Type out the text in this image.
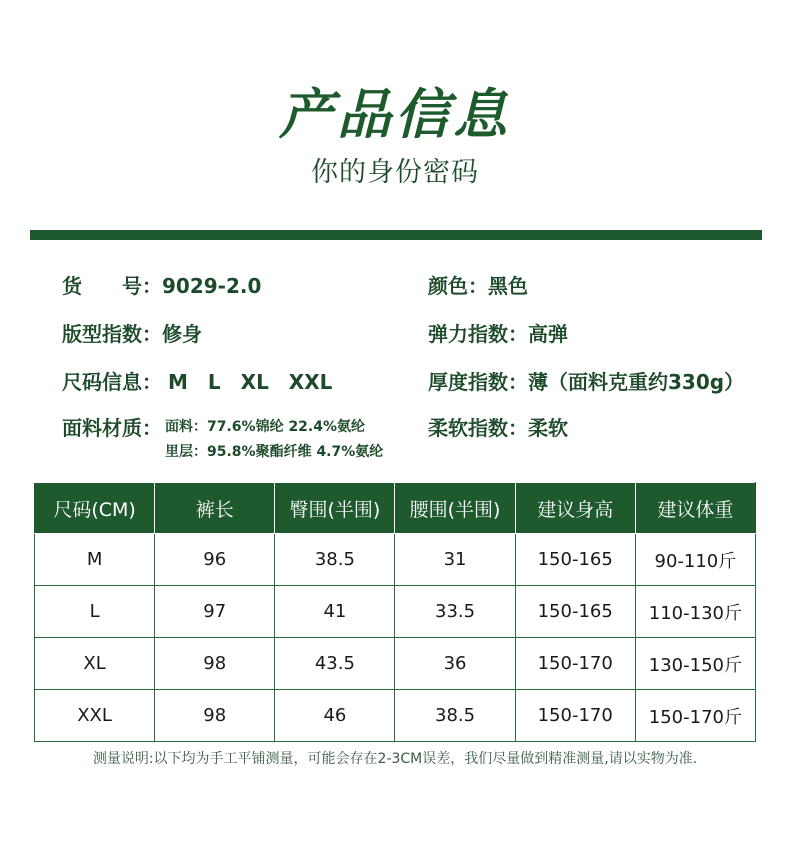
产品信息
你的身份密码
货　　号：9029-2.0
版型指数：修身
尺码信息： M　L　XL　XXL
面料材质： 面料：77.6%锦纶 22.4%氨纶
里层：95.8%聚酯纤维 4.7%氨纶
颜色：黑色
弹力指数：高弹
厚度指数：薄（面料克重约330g）
柔软指数：柔软
尺码(CM)	裤长	臀围(半围)	腰围(半围)	建议身高	建议体重
M	96	38.5	31	150-165	90-110斤
L	97	41	33.5	150-165	110-130斤
XL	98	43.5	36	150-170	130-150斤
XXL	98	46	38.5	150-170	150-170斤
测量说明:以下均为手工平铺测量，可能会存在2-3CM误差，我们尽量做到精准测量,请以实物为准.
